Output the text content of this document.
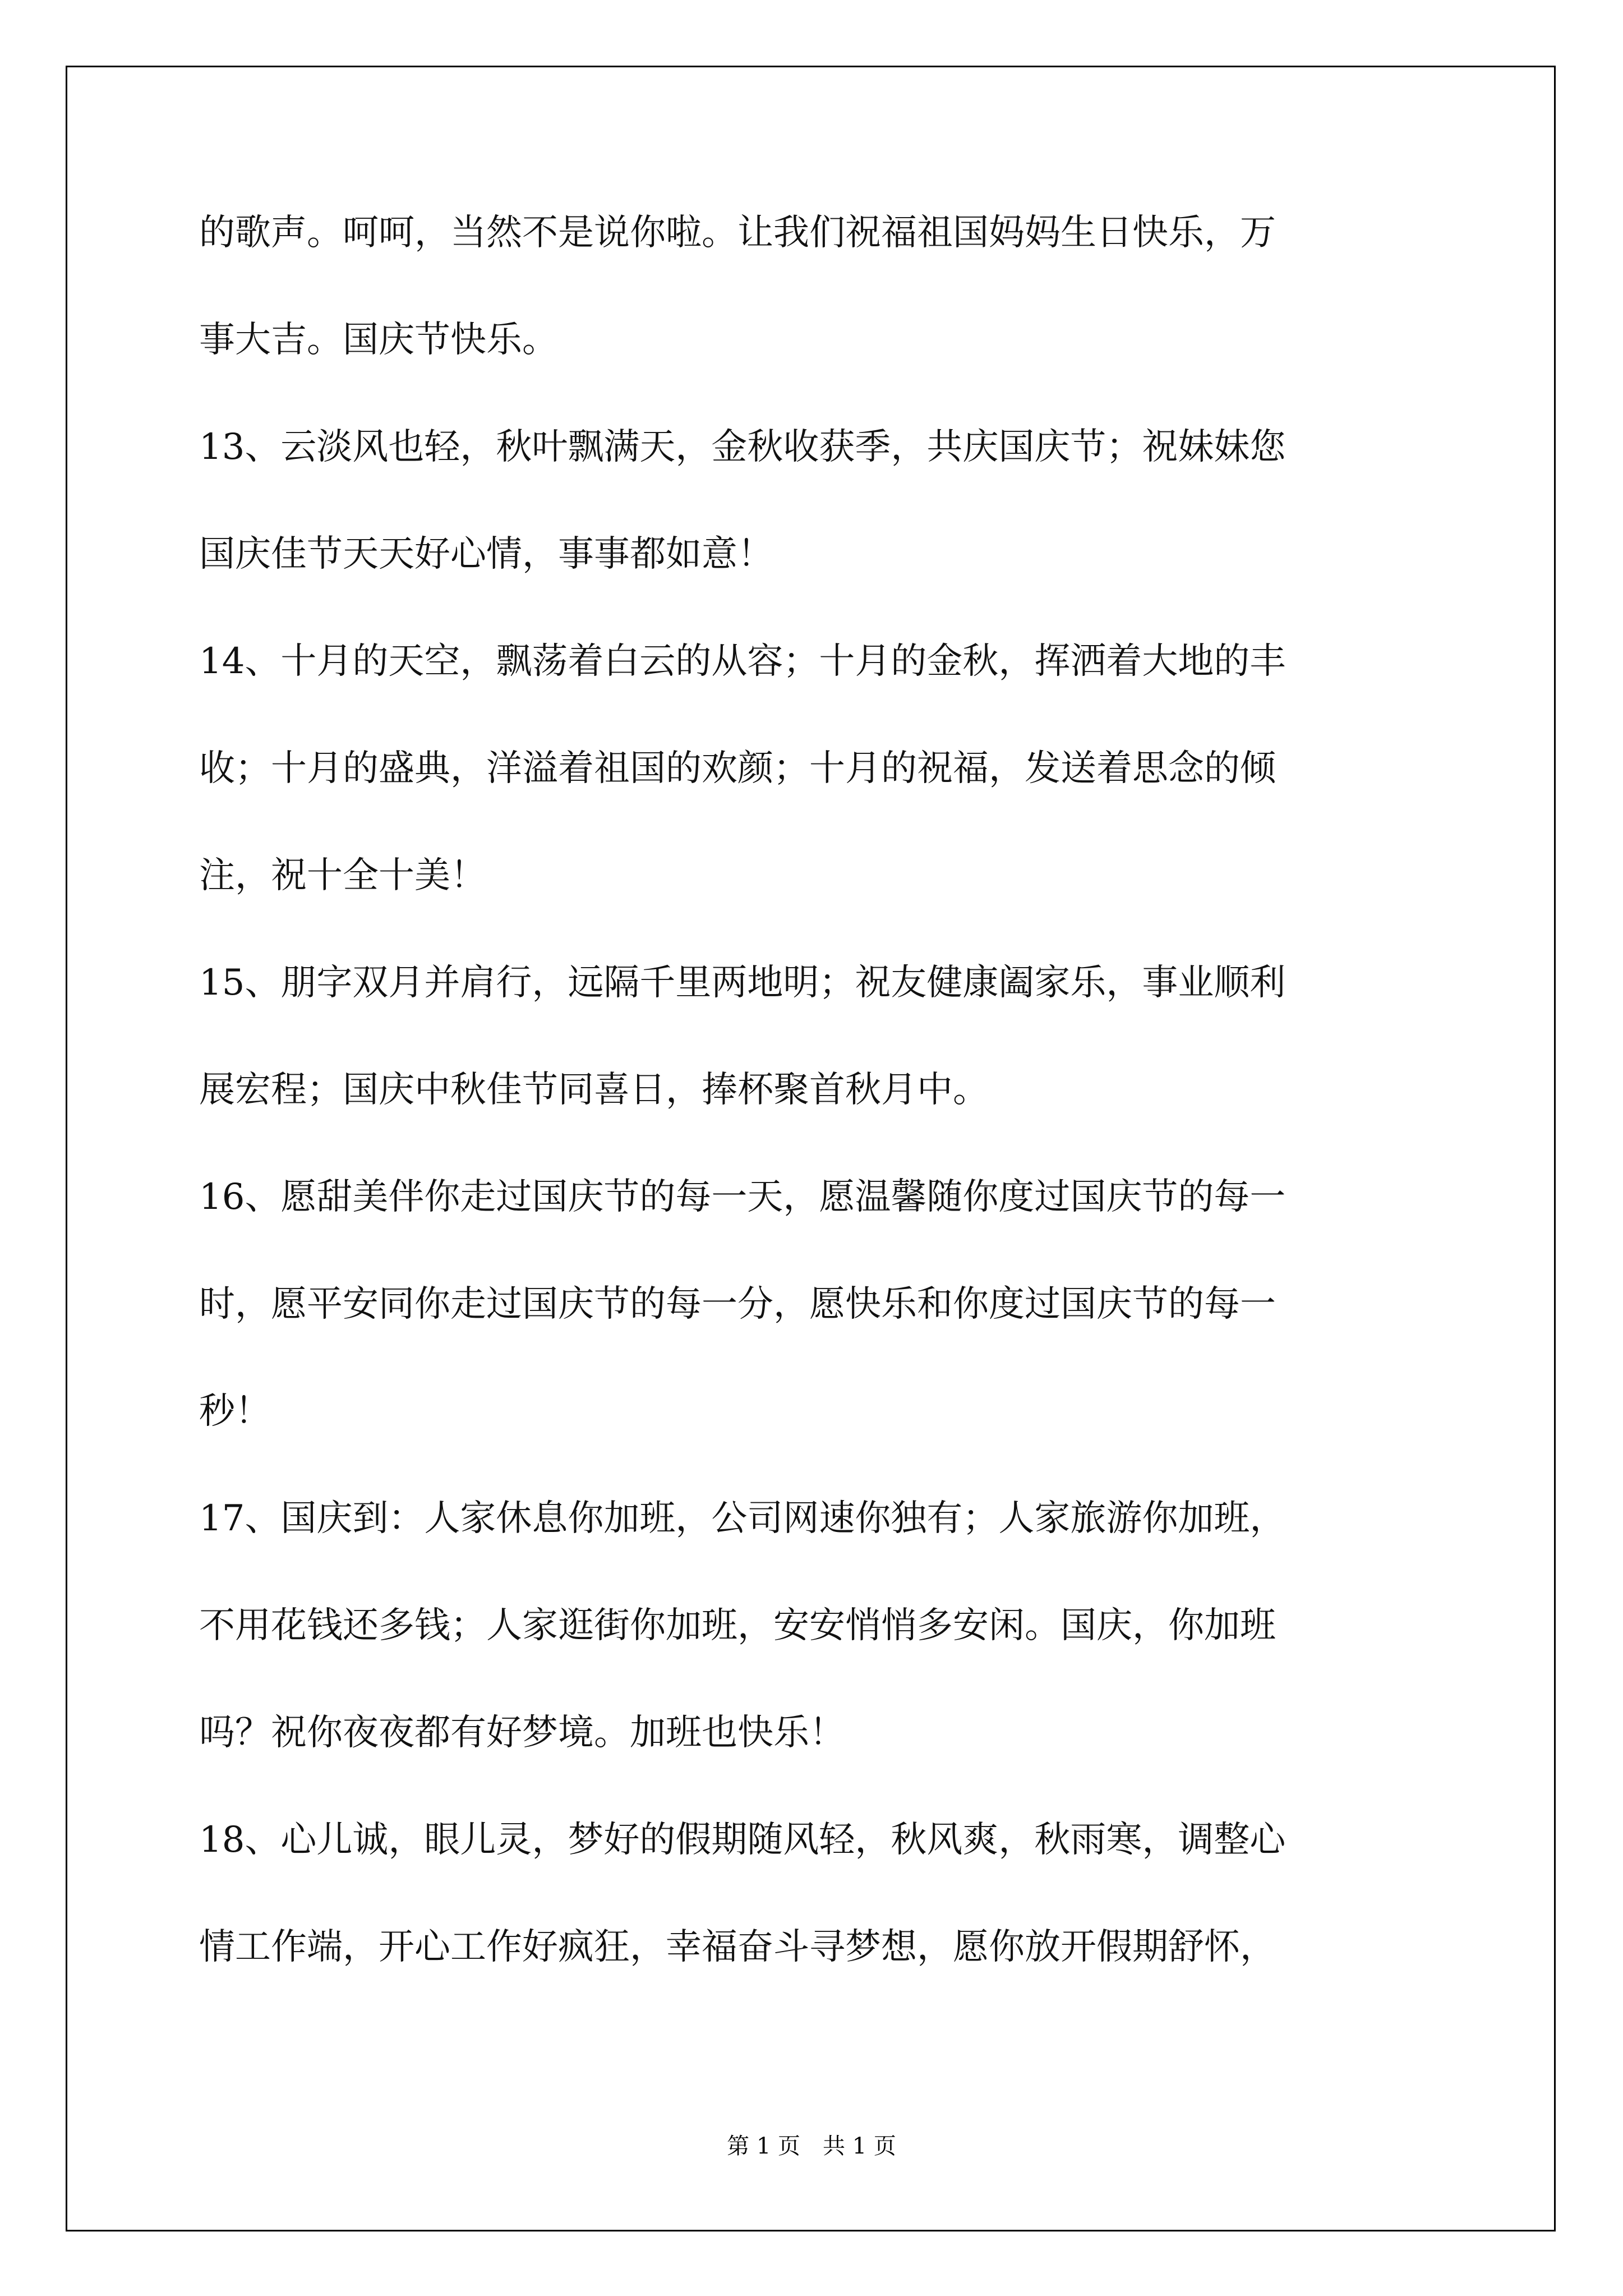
的歌声。呵呵，当然不是说你啦。让我们祝福祖国妈妈生日快乐，万
事大吉。国庆节快乐。
13、云淡风也轻，秋叶飘满天，金秋收获季，共庆国庆节；祝妹妹您
国庆佳节天天好心情，事事都如意！
14、十月的天空，飘荡着白云的从容；十月的金秋，挥洒着大地的丰
收；十月的盛典，洋溢着祖国的欢颜；十月的祝福，发送着思念的倾
注，祝十全十美！
15、朋字双月并肩行，远隔千里两地明；祝友健康阖家乐，事业顺利
展宏程；国庆中秋佳节同喜日，捧杯聚首秋月中。
16、愿甜美伴你走过国庆节的每一天，愿温馨随你度过国庆节的每一
时，愿平安同你走过国庆节的每一分，愿快乐和你度过国庆节的每一
秒！
17、国庆到：人家休息你加班，公司网速你独有；人家旅游你加班，
不用花钱还多钱；人家逛街你加班，安安悄悄多安闲。国庆，你加班
吗？祝你夜夜都有好梦境。加班也快乐！
18、心儿诚，眼儿灵，梦好的假期随风轻，秋风爽，秋雨寒，调整心
情工作端，开心工作好疯狂，幸福奋斗寻梦想，愿你放开假期舒怀，
第 1 页　共 1 页
